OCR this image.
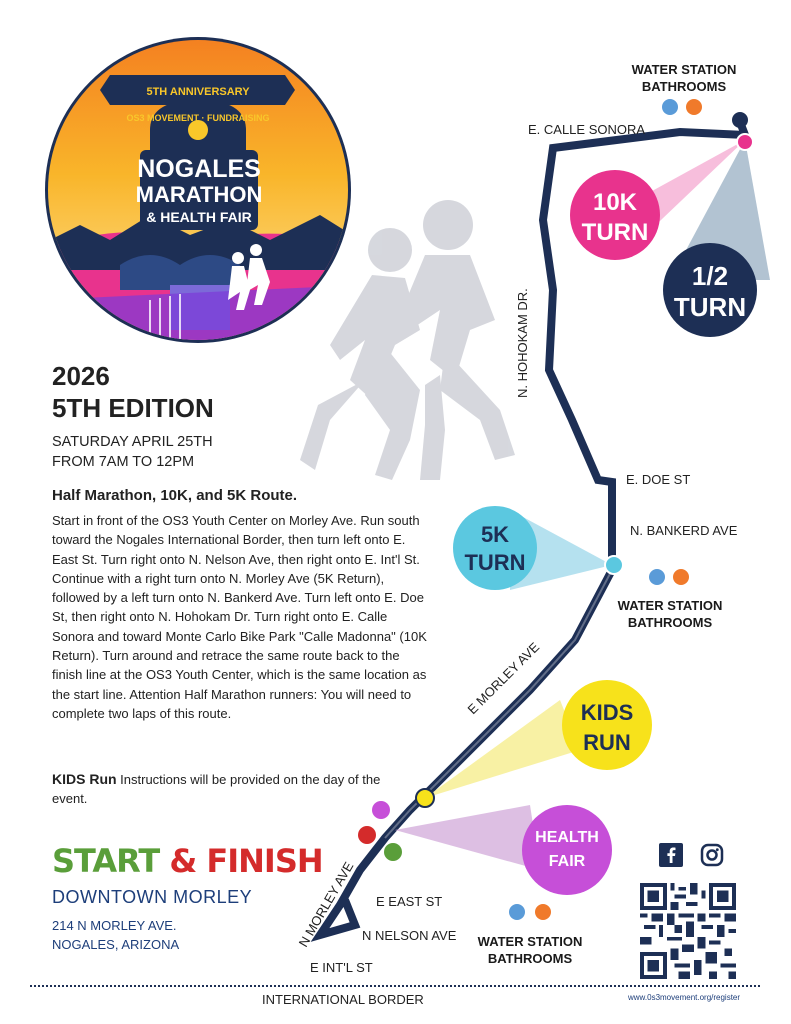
OS3 MOVEMENT · FUNDRAISING
5TH ANNIVERSARY
NOGALES
MARATHON
& HEALTH FAIR
10K
TURN
1/2
TURN
5K
TURN
KIDS
RUN
HEALTH
FAIR
N. HOHOKAM DR.
E MORLEY AVE
N MORLEY AVE
E. CALLE SONORA
E. DOE ST
N. BANKERD AVE
E EAST ST
N NELSON AVE
E INT'L ST
WATER STATION
BATHROOMS
WATER STATION
BATHROOMS
WATER STATION
BATHROOMS
2026
5TH EDITION
SATURDAY APRIL 25TH
FROM 7AM TO 12PM
Half Marathon, 10K, and 5K Route.
Start in front of the OS3 Youth Center on Morley Ave. Run south toward the Nogales International Border, then turn left onto E. East St. Turn right onto N. Nelson Ave, then right onto E. Int'l St. Continue with a right turn onto N. Morley Ave (5K Return), followed by a left turn onto N. Bankerd Ave. Turn left onto E. Doe St, then right onto N. Hohokam Dr. Turn right onto E. Calle Sonora and toward Monte Carlo Bike Park "Calle Madonna" (10K Return). Turn around and retrace the same route back to the finish line at the OS3 Youth Center, which is the same location as the start line. Attention Half Marathon runners: You will need to complete two laps of this route.
KIDS Run Instructions will be provided on the day of the event.
START & FINISH
DOWNTOWN MORLEY
214 N MORLEY AVE.
NOGALES, ARIZONA
INTERNATIONAL BORDER	www.0s3movement.org/register
